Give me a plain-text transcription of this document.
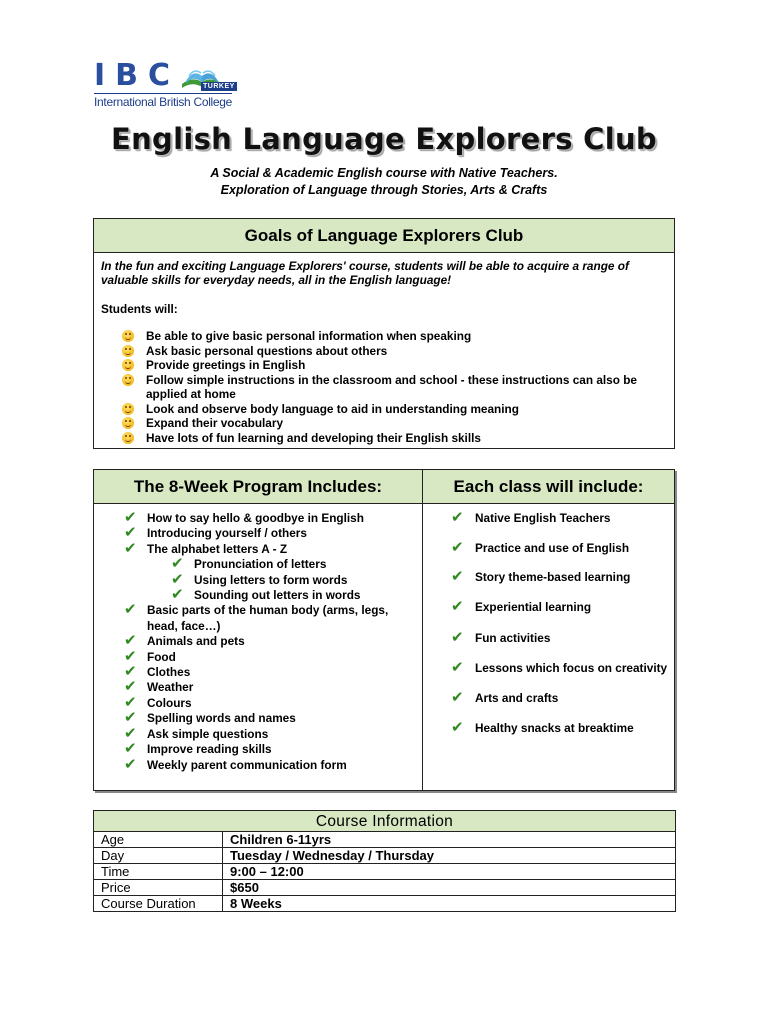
IBC	TURKEY
International British College
English Language Explorers Club
A Social & Academic English course with Native Teachers.
Exploration of Language through Stories, Arts & Crafts
Goals of Language Explorers Club
In the fun and exciting Language Explorers' course, students will be able to acquire a range of valuable skills for everyday needs, all in the English language!
Students will:
Be able to give basic personal information when speaking
Ask basic personal questions about others
Provide greetings in English
Follow simple instructions in the classroom and school - these instructions can also be applied at home
Look and observe body language to aid in understanding meaning
Expand their vocabulary
Have lots of fun learning and developing their English skills
The 8-Week Program Includes:	Each class will include:
✔ How to say hello & goodbye in English
✔ Introducing yourself / others
✔ The alphabet letters A - Z
✔ Pronunciation of letters
✔ Using letters to form words
✔ Sounding out letters in words
✔ Basic parts of the human body (arms, legs, head, face…)
✔ Animals and pets
✔ Food
✔ Clothes
✔ Weather
✔ Colours
✔ Spelling words and names
✔ Ask simple questions
✔ Improve reading skills
✔ Weekly parent communication form
✔ Native English Teachers
✔ Practice and use of English
✔ Story theme-based learning
✔ Experiential learning
✔ Fun activities
✔ Lessons which focus on creativity
✔ Arts and crafts
✔ Healthy snacks at breaktime
Course Information	
Age	Children 6-11yrs
Day	Tuesday / Wednesday / Thursday
Time	9:00 – 12:00
Price	$650
Course Duration	8 Weeks
